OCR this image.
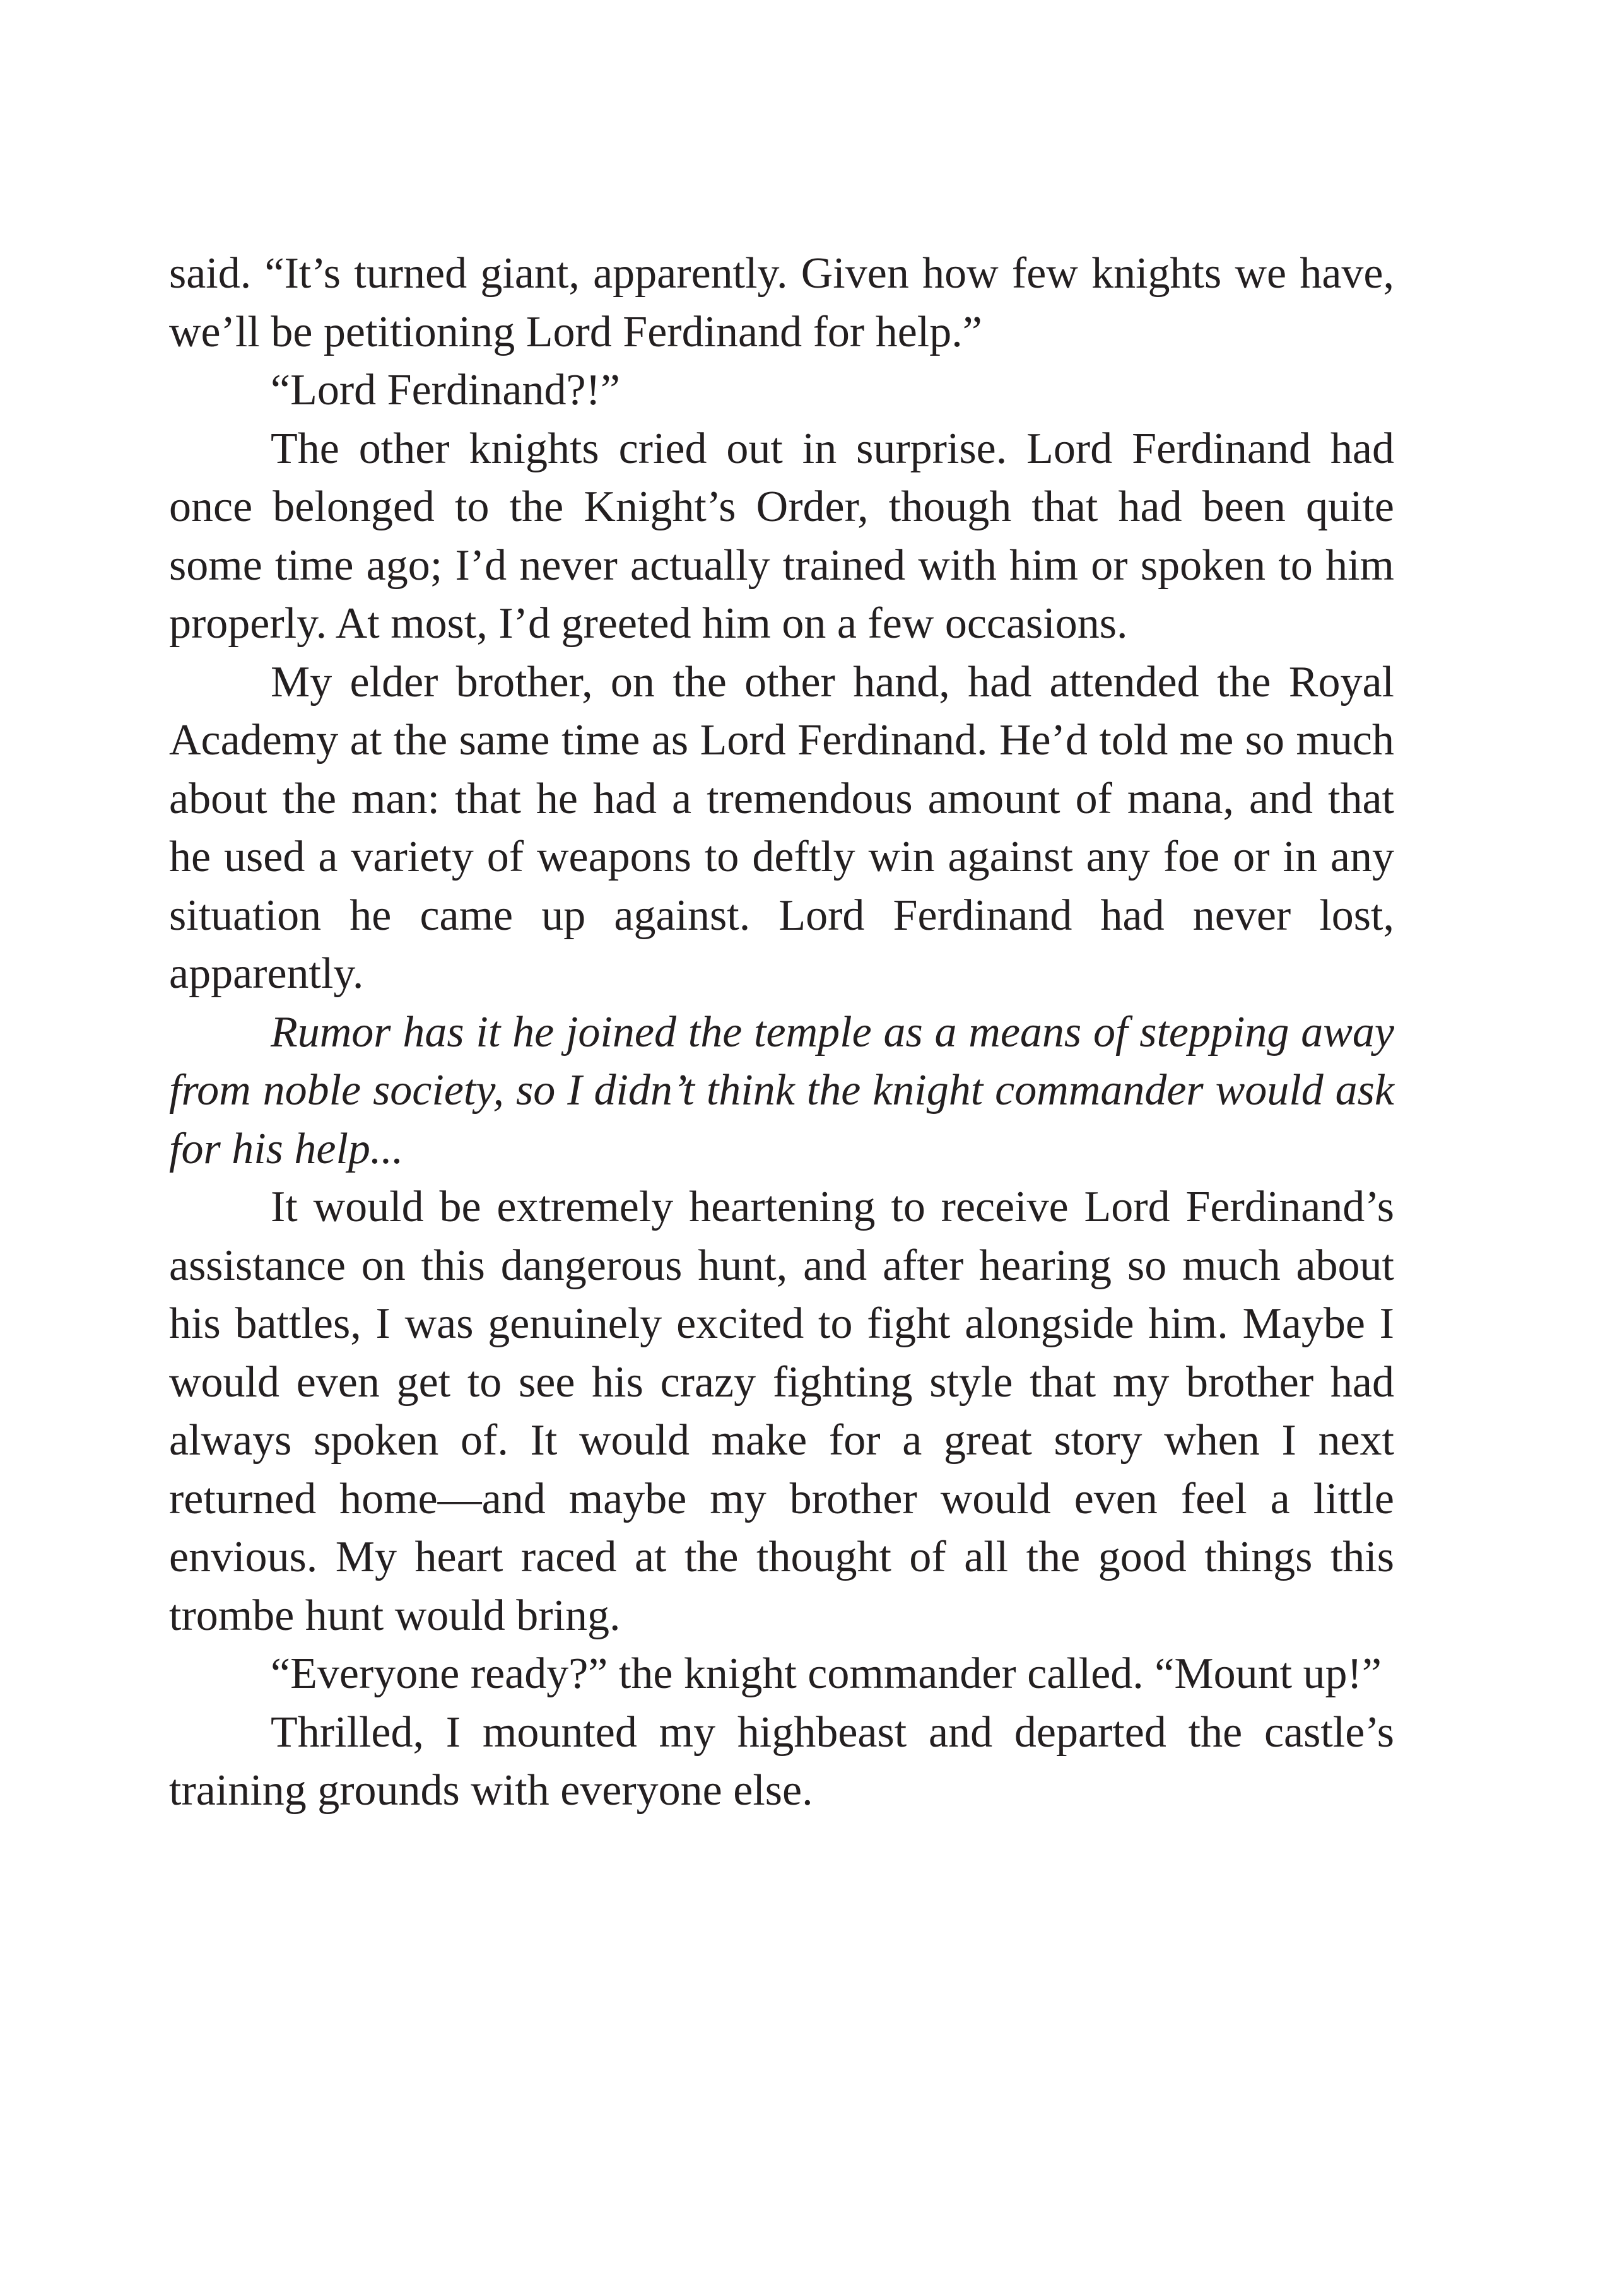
said. “It’s turned giant, apparently. Given how few knights we have, we’ll be petitioning Lord Ferdinand for help.”

“Lord Ferdinand?!”

The other knights cried out in surprise. Lord Ferdinand had once belonged to the Knight’s Order, though that had been quite some time ago; I’d never actually trained with him or spoken to him properly. At most, I’d greeted him on a few occasions.

My elder brother, on the other hand, had attended the Royal Academy at the same time as Lord Ferdinand. He’d told me so much about the man: that he had a tremendous amount of mana, and that he used a variety of weapons to deftly win against any foe or in any situation he came up against. Lord Ferdinand had never lost, apparently.

Rumor has it he joined the temple as a means of stepping away from noble society, so I didn’t think the knight commander would ask for his help...

It would be extremely heartening to receive Lord Ferdinand’s assistance on this dangerous hunt, and after hearing so much about his battles, I was genuinely excited to fight alongside him. Maybe I would even get to see his crazy fighting style that my brother had always spoken of. It would make for a great story when I next returned home—and maybe my brother would even feel a little envious. My heart raced at the thought of all the good things this trombe hunt would bring.

“Everyone ready?” the knight commander called. “Mount up!”

Thrilled, I mounted my highbeast and departed the castle’s training grounds with everyone else.
